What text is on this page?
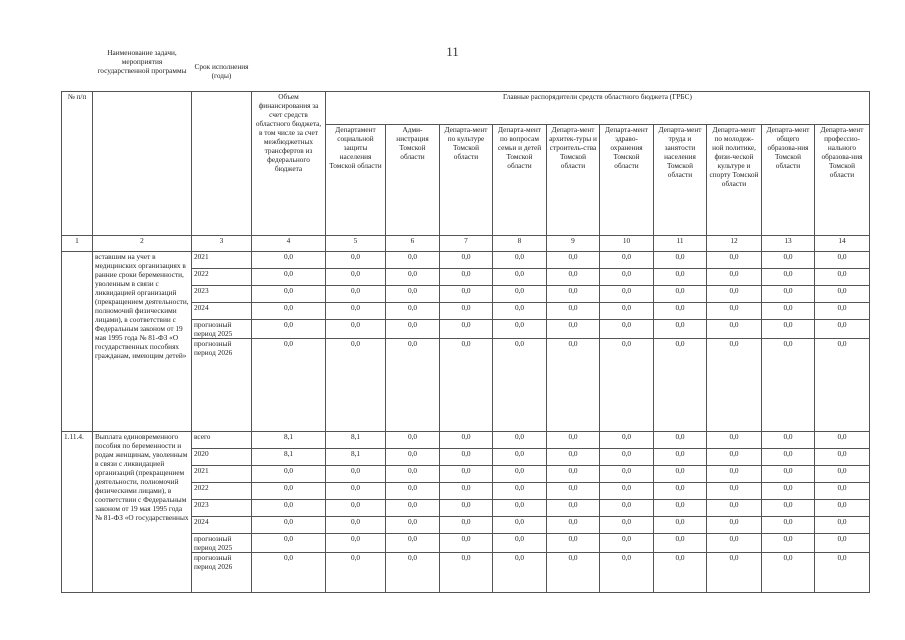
11
№ п/п	Наименование задачи, мероприятия государственной программы	Срок исполнения (годы)	Объем финансирования за счет средств областного бюджета, в том числе за счет межбюджетных трансфертов из федерального бюджета	Главные распорядители средств областного бюджета (ГРБС)									
				Департамент социальной защиты населения Томской области	Адми-нистрация Томской области	Департа-мент по культуре Томской области	Департа-мент по вопросам семьи и детей Томской области	Департа-мент архитек-туры и строитель-ства Томской области	Департа-мент здраво-охранения Томской области	Департа-мент труда и занятости населения Томской области	Департа-мент по молодеж-ной политике, физи-ческой культуре и спорту Томской области	Департа-мент общего образова-ния Томской области	Департа-мент профессио-нального образова-ния Томской области
1	2	3	4	5	6	7	8	9	10	11	12	13	14

	вставшим на учет в медицинских организациях в ранние сроки беременности, уволенным в связи с ликвидацией организаций (прекращением деятельности, полномочий физическими лицами), в соответствии с Федеральным законом от 19 мая 1995 года № 81-ФЗ «О государственных пособиях гражданам, имеющим детей»	2021	0,0	0,0	0,0	0,0	0,0	0,0	0,0	0,0	0,0	0,0	0,0
		2022	0,0	0,0	0,0	0,0	0,0	0,0	0,0	0,0	0,0	0,0	0,0
		2023	0,0	0,0	0,0	0,0	0,0	0,0	0,0	0,0	0,0	0,0	0,0
		2024	0,0	0,0	0,0	0,0	0,0	0,0	0,0	0,0	0,0	0,0	0,0
		прогнозный период 2025	0,0	0,0	0,0	0,0	0,0	0,0	0,0	0,0	0,0	0,0	0,0
		прогнозный период 2026	0,0	0,0	0,0	0,0	0,0	0,0	0,0	0,0	0,0	0,0	0,0
1.11.4.	Выплата единовременного пособия по беременности и родам женщинам, уволенным в связи с ликвидацией организаций (прекращением деятельности, полномочий физическими лицами), в соответствии с Федеральным законом от 19 мая 1995 года № 81-ФЗ «О государственных	всего	8,1	8,1	0,0	0,0	0,0	0,0	0,0	0,0	0,0	0,0	0,0
		2020	8,1	8,1	0,0	0,0	0,0	0,0	0,0	0,0	0,0	0,0	0,0
		2021	0,0	0,0	0,0	0,0	0,0	0,0	0,0	0,0	0,0	0,0	0,0
		2022	0,0	0,0	0,0	0,0	0,0	0,0	0,0	0,0	0,0	0,0	0,0
		2023	0,0	0,0	0,0	0,0	0,0	0,0	0,0	0,0	0,0	0,0	0,0
		2024	0,0	0,0	0,0	0,0	0,0	0,0	0,0	0,0	0,0	0,0	0,0
		прогнозный период 2025	0,0	0,0	0,0	0,0	0,0	0,0	0,0	0,0	0,0	0,0	0,0
		прогнозный период 2026	0,0	0,0	0,0	0,0	0,0	0,0	0,0	0,0	0,0	0,0	0,0
